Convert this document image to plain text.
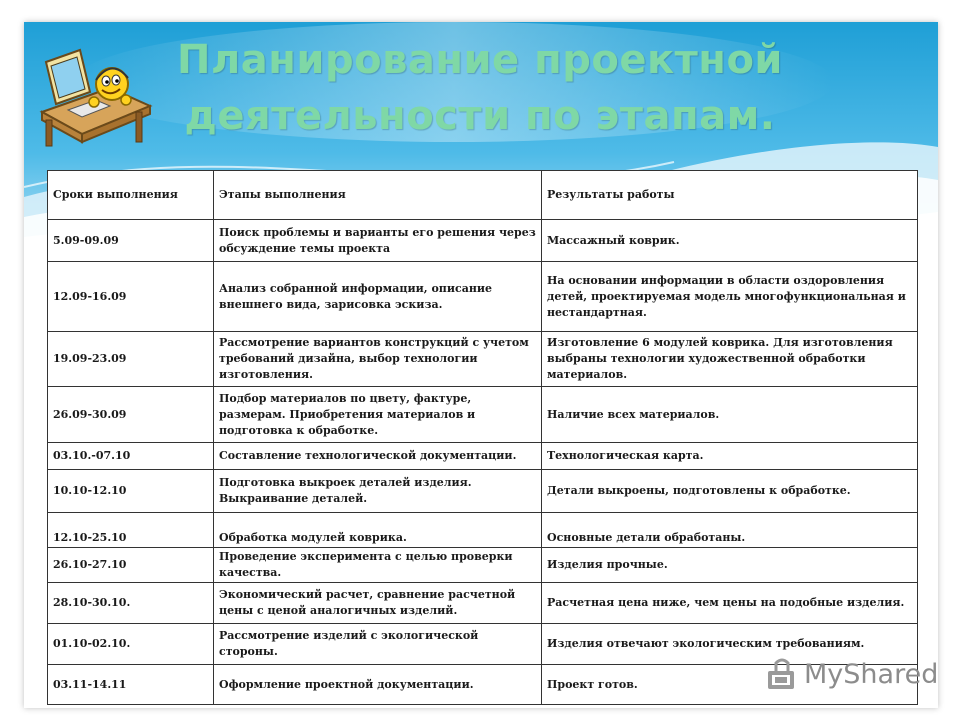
Планирование проектной
деятельности по этапам.
Сроки выполнения	Этапы выполнения	Результаты работы
5.09-09.09	Поиск проблемы и варианты его решения через обсуждение темы проекта	Массажный коврик.
12.09-16.09	Анализ собранной информации, описание внешнего вида, зарисовка эскиза.	На основании информации в области оздоровления детей, проектируемая модель многофункциональная и нестандартная.
19.09-23.09	Рассмотрение вариантов конструкций с учетом требований дизайна, выбор технологии изготовления.	Изготовление 6 модулей коврика. Для изготовления выбраны технологии художественной обработки материалов.
26.09-30.09	Подбор материалов по цвету, фактуре, размерам. Приобретения материалов и подготовка к обработке.	Наличие всех материалов.
03.10.-07.10	Составление технологической документации.	Технологическая карта.
10.10-12.10	Подготовка выкроек деталей изделия. Выкраивание деталей.	Детали выкроены, подготовлены к обработке.
12.10-25.10	Обработка модулей коврика.	Основные детали обработаны.
26.10-27.10	Проведение эксперимента с целью проверки качества.	Изделия прочные.
28.10-30.10.	Экономический расчет, сравнение расчетной цены с ценой аналогичных изделий.	Расчетная цена ниже, чем цены на подобные изделия.
01.10-02.10.	Рассмотрение изделий с экологической стороны.	Изделия отвечают экологическим требованиям.
03.11-14.11	Оформление проектной документации.	Проект готов.	MyShared
